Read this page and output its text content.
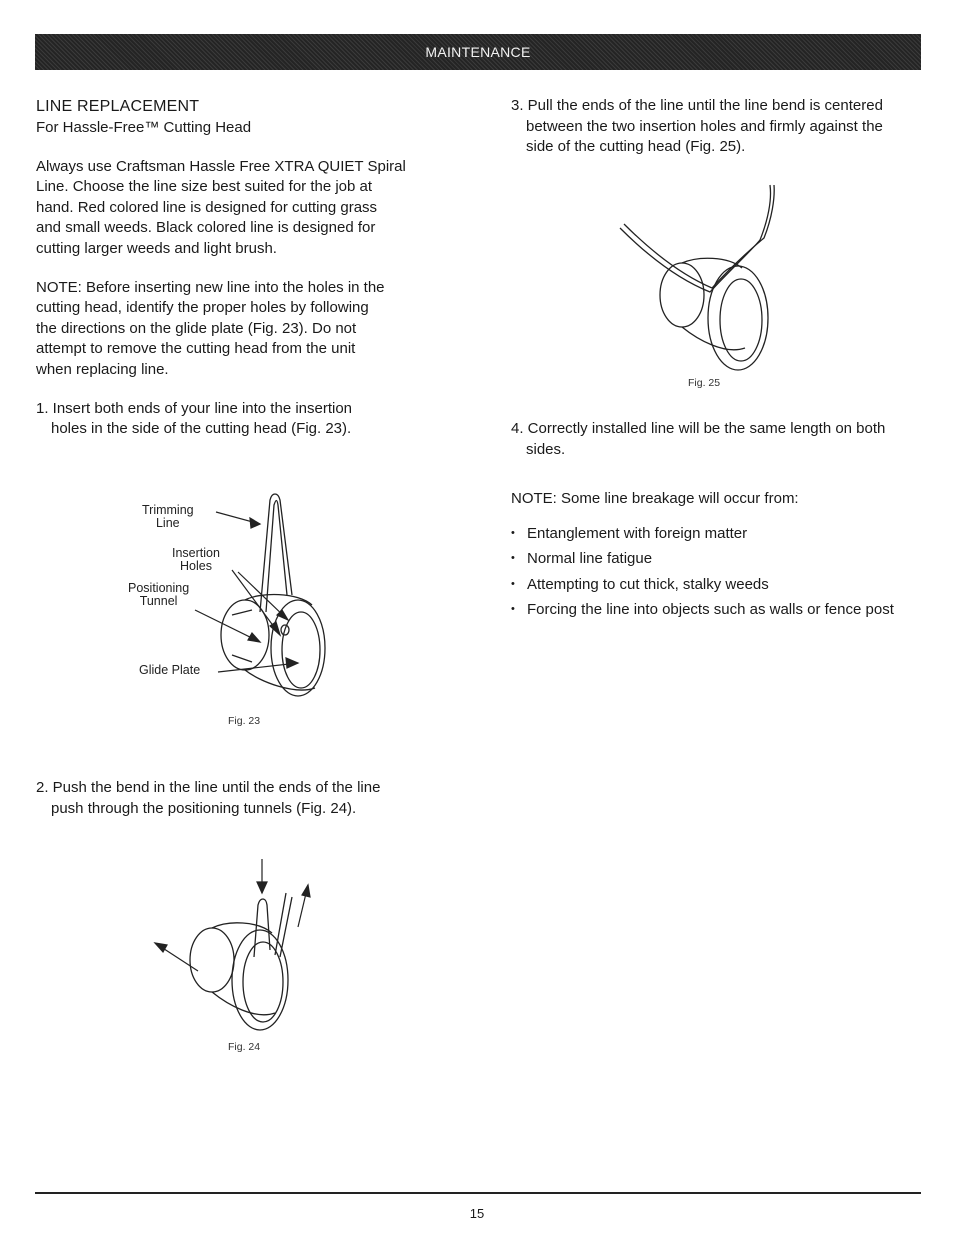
MAINTENANCE
LINE REPLACEMENT

For Hassle-Free™ Cutting Head

Always use Craftsman Hassle Free XTRA QUIET Spiral
Line. Choose the line size best suited for the job at
hand. Red colored line is designed for cutting grass
and small weeds. Black colored line is designed for
cutting larger weeds and light brush.

NOTE: Before inserting new line into the holes in the
cutting head, identify the proper holes by following
the directions on the glide plate (Fig. 23). Do not
attempt to remove the cutting head from the unit
when replacing line.

1. Insert both ends of your line into the insertion
holes in the side of the cutting head (Fig. 23).

Trimming
Line
Insertion
Holes
Positioning
Tunnel
Glide Plate
Fig. 23

2. Push the bend in the line until the ends of the line
push through the positioning tunnels (Fig. 24).

Fig. 24

3. Pull the ends of the line until the line bend is centered
between the two insertion holes and firmly against the
side of the cutting head (Fig. 25).

Fig. 25

4. Correctly installed line will be the same length on both
sides.

NOTE: Some line breakage will occur from:

• Entanglement with foreign matter
• Normal line fatigue
• Attempting to cut thick, stalky weeds
• Forcing the line into objects such as walls or fence post
15
